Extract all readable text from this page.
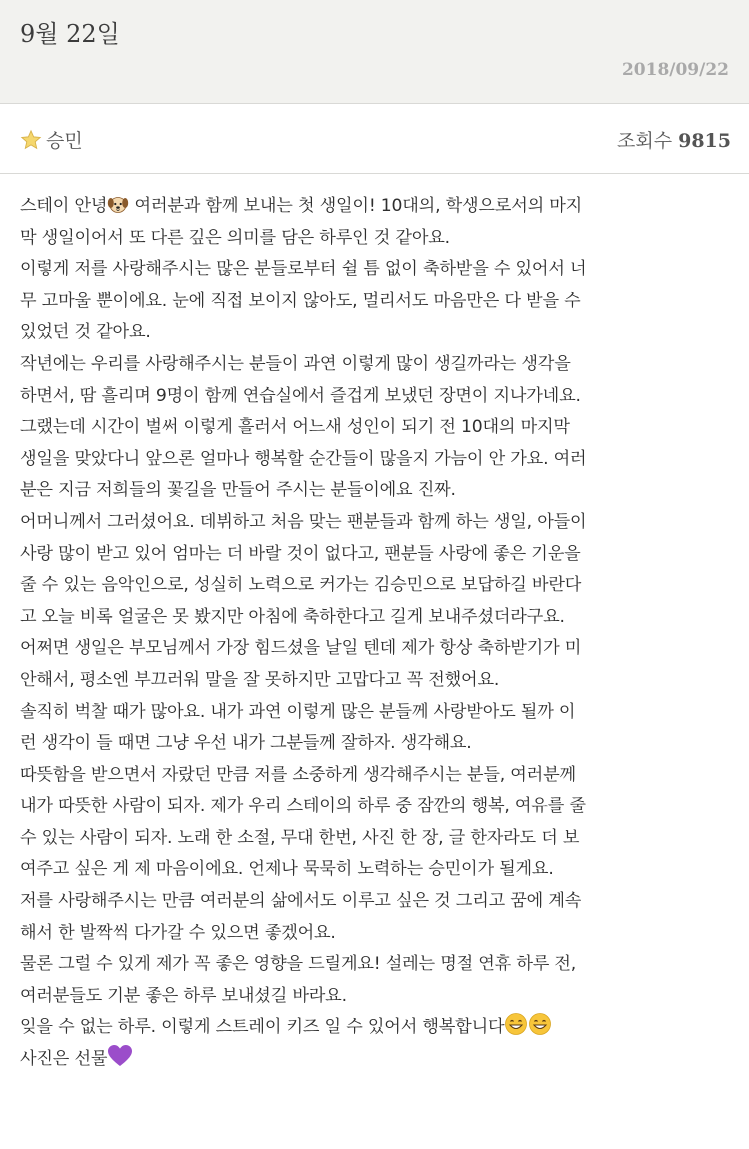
9월 22일
2018/09/22
승민	조회수 9815
스테이 안녕 여러분과 함께 보내는 첫 생일이! 10대의, 학생으로서의 마지
막 생일이어서 또 다른 깊은 의미를 담은 하루인 것 같아요.
이렇게 저를 사랑해주시는 많은 분들로부터 쉴 틈 없이 축하받을 수 있어서 너
무 고마울 뿐이에요. 눈에 직접 보이지 않아도, 멀리서도 마음만은 다 받을 수
있었던 것 같아요.
작년에는 우리를 사랑해주시는 분들이 과연 이렇게 많이 생길까라는 생각을
하면서, 땀 흘리며 9명이 함께 연습실에서 즐겁게 보냈던 장면이 지나가네요.
그랬는데 시간이 벌써 이렇게 흘러서 어느새 성인이 되기 전 10대의 마지막
생일을 맞았다니 앞으론 얼마나 행복할 순간들이 많을지 가늠이 안 가요. 여러
분은 지금 저희들의 꽃길을 만들어 주시는 분들이에요 진짜.
어머니께서 그러셨어요. 데뷔하고 처음 맞는 팬분들과 함께 하는 생일, 아들이
사랑 많이 받고 있어 엄마는 더 바랄 것이 없다고, 팬분들 사랑에 좋은 기운을
줄 수 있는 음악인으로, 성실히 노력으로 커가는 김승민으로 보답하길 바란다
고 오늘 비록 얼굴은 못 봤지만 아침에 축하한다고 길게 보내주셨더라구요.
어쩌면 생일은 부모님께서 가장 힘드셨을 날일 텐데 제가 항상 축하받기가 미
안해서, 평소엔 부끄러워 말을 잘 못하지만 고맙다고 꼭 전했어요.
솔직히 벅찰 때가 많아요. 내가 과연 이렇게 많은 분들께 사랑받아도 될까 이
런 생각이 들 때면 그냥 우선 내가 그분들께 잘하자. 생각해요.
따뜻함을 받으면서 자랐던 만큼 저를 소중하게 생각해주시는 분들, 여러분께
내가 따뜻한 사람이 되자. 제가 우리 스테이의 하루 중 잠깐의 행복, 여유를 줄
수 있는 사람이 되자. 노래 한 소절, 무대 한번, 사진 한 장, 글 한자라도 더 보
여주고 싶은 게 제 마음이에요. 언제나 묵묵히 노력하는 승민이가 될게요.
저를 사랑해주시는 만큼 여러분의 삶에서도 이루고 싶은 것 그리고 꿈에 계속
해서 한 발짝씩 다가갈 수 있으면 좋겠어요.
물론 그럴 수 있게 제가 꼭 좋은 영향을 드릴게요! 설레는 명절 연휴 하루 전,
여러분들도 기분 좋은 하루 보내셨길 바라요.
잊을 수 없는 하루. 이렇게 스트레이 키즈 일 수 있어서 행복합니다
사진은 선물
